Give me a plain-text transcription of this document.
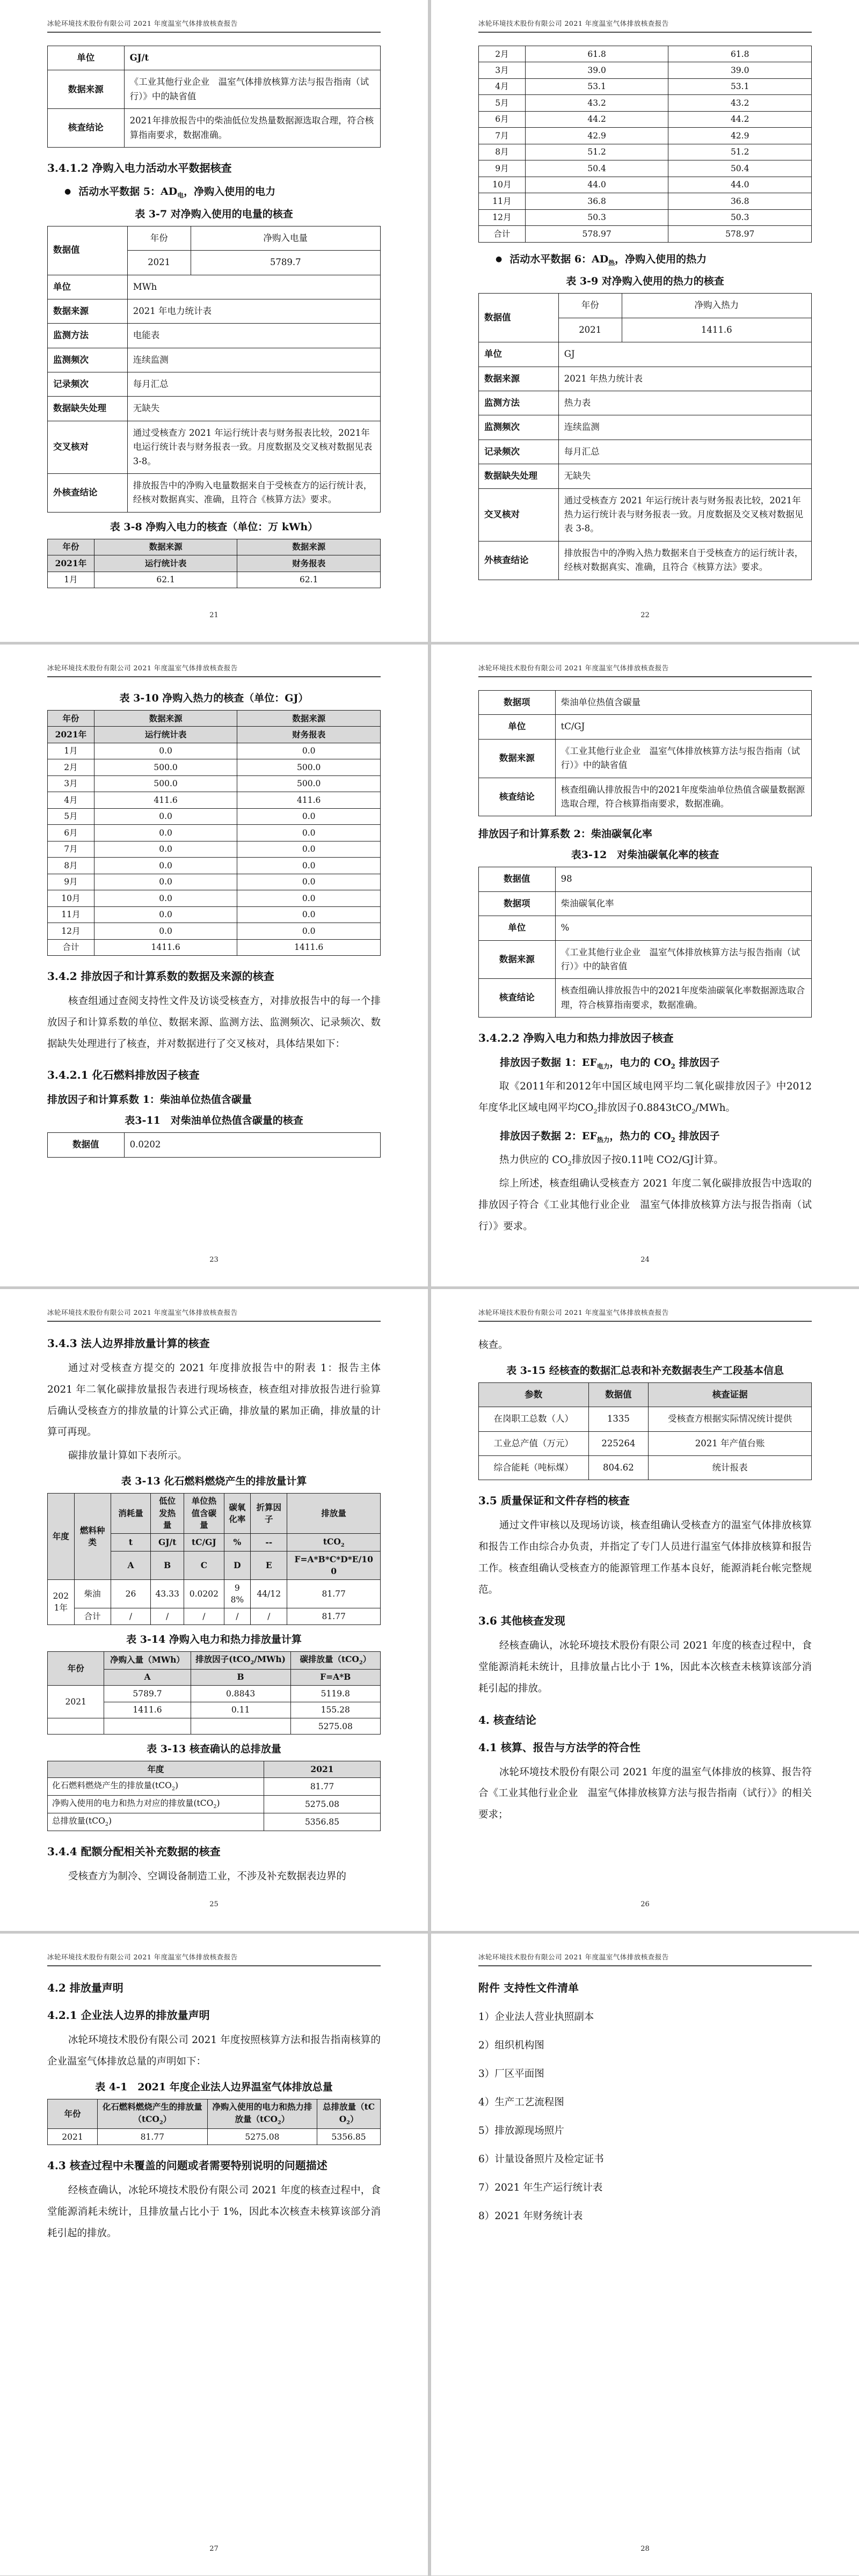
冰轮环境技术股份有限公司 2021 年度温室气体排放核查报告
单位	GJ/t
数据来源	《工业其他行业企业　温室气体排放核算方法与报告指南（试行）》中的缺省值
核查结论	2021年排放报告中的柴油低位发热量数据源选取合理，符合核算指南要求，数据准确。
3.4.1.2 净购入电力活动水平数据核查
● 活动水平数据 5：$AD_电$，净购入使用的电力
表 3-7 对净购入使用的电量的核查
数据值	年份	净购入电量
	2021	5789.7
单位	MWh	
数据来源	2021 年电力统计表	
监测方法	电能表	
监测频次	连续监测	
记录频次	每月汇总	
数据缺失处理	无缺失	
交叉核对	通过受核查方 2021 年运行统计表与财务报表比较，2021年电运行统计表与财务报表一致。月度数据及交叉核对数据见表 3-8。	
外核查结论	排放报告中的净购入电量数据来自于受核查方的运行统计表，经核对数据真实、准确，且符合《核算方法》要求。	
表 3-8 净购入电力的核查（单位：万 kWh）
年份	数据来源	数据来源
2021年	运行统计表	财务报表
1月	62.1	62.1
21
冰轮环境技术股份有限公司 2021 年度温室气体排放核查报告
2月	61.8	61.8
3月	39.0	39.0
4月	53.1	53.1
5月	43.2	43.2
6月	44.2	44.2
7月	42.9	42.9
8月	51.2	51.2
9月	50.4	50.4
10月	44.0	44.0
11月	36.8	36.8
12月	50.3	50.3
合计	578.97	578.97
● 活动水平数据 6：$AD_热$，净购入使用的热力
表 3-9 对净购入使用的热力的核查
数据值	年份	净购入热力
	2021	1411.6
单位	GJ	
数据来源	2021 年热力统计表	
监测方法	热力表	
监测频次	连续监测	
记录频次	每月汇总	
数据缺失处理	无缺失	
交叉核对	通过受核查方 2021 年运行统计表与财务报表比较，2021年热力运行统计表与财务报表一致。月度数据及交叉核对数据见表 3-8。	
外核查结论	排放报告中的净购入热力数据来自于受核查方的运行统计表，经核对数据真实、准确，且符合《核算方法》要求。	
22
冰轮环境技术股份有限公司 2021 年度温室气体排放核查报告
表 3-10 净购入热力的核查（单位：GJ）
年份	数据来源	数据来源
2021年	运行统计表	财务报表
1月	0.0	0.0
2月	500.0	500.0
3月	500.0	500.0
4月	411.6	411.6
5月	0.0	0.0
6月	0.0	0.0
7月	0.0	0.0
8月	0.0	0.0
9月	0.0	0.0
10月	0.0	0.0
11月	0.0	0.0
12月	0.0	0.0
合计	1411.6	1411.6
3.4.2 排放因子和计算系数的数据及来源的核查
核查组通过查阅支持性文件及访谈受核查方，对排放报告中的每一个排放因子和计算系数的单位、数据来源、监测方法、监测频次、记录频次、数据缺失处理进行了核查，并对数据进行了交叉核对，具体结果如下：
3.4.2.1 化石燃料排放因子核查
排放因子和计算系数 1：柴油单位热值含碳量
表3-11　对柴油单位热值含碳量的核查
数据值	0.0202
23
冰轮环境技术股份有限公司 2021 年度温室气体排放核查报告
数据项	柴油单位热值含碳量
单位	tC/GJ
数据来源	《工业其他行业企业　温室气体排放核算方法与报告指南（试行）》中的缺省值
核查结论	核查组确认排放报告中的2021年度柴油单位热值含碳量数据源选取合理，符合核算指南要求，数据准确。
排放因子和计算系数 2：柴油碳氧化率
表3-12　对柴油碳氧化率的核查
数据值	98
数据项	柴油碳氧化率
单位	%
数据来源	《工业其他行业企业　温室气体排放核算方法与报告指南（试行）》中的缺省值
核查结论	核查组确认排放报告中的2021年度柴油碳氧化率数据源选取合理，符合核算指南要求，数据准确。
3.4.2.2 净购入电力和热力排放因子核查
排放因子数据 1：$EF_{电力}$，电力的 $CO_2$ 排放因子
取《2011年和2012年中国区域电网平均二氧化碳排放因子》中2012年度华北区域电网平均$CO_2$排放因子0.8843tCO$_2$/MWh。
排放因子数据 2：$EF_{热力}$，热力的 $CO_2$ 排放因子
热力供应的 $CO_2$排放因子按0.11吨 CO2/GJ计算。
综上所述，核查组确认受核查方 2021 年度二氧化碳排放报告中选取的排放因子符合《工业其他行业企业　温室气体排放核算方法与报告指南（试行）》要求。
24
冰轮环境技术股份有限公司 2021 年度温室气体排放核查报告
3.4.3 法人边界排放量计算的核查
通过对受核查方提交的 2021 年度排放报告中的附表 1：报告主体 2021 年二氧化碳排放量报告表进行现场核查，核查组对排放报告进行验算后确认受核查方的排放量的计算公式正确，排放量的累加正确，排放量的计算可再现。
碳排放量计算如下表所示。
表 3-13 化石燃料燃烧产生的排放量计算
年度	燃料种类	消耗量	低位发热量	单位热值含碳量	碳氧化率	折算因子	排放量
		t	GJ/t	tC/GJ	%	--	tCO$_2$
		A	B	C	D	E	F=A*B*C*D*E/100
2021年	柴油	26	43.33	0.0202	98%	44/12	81.77
	合计	/	/	/	/	/	81.77
表 3-14 净购入电力和热力排放量计算
年份	净购入量（MWh）	排放因子(tCO$_2$/MWh)	碳排放量（tCO$_2$）
	A	B	F=A*B
2021	5789.7	0.8843	5119.8
	1411.6	0.11	155.28
			5275.08
表 3-13 核查确认的总排放量
年度	2021
化石燃料燃烧产生的排放量(tCO$_2$)	81.77
净购入使用的电力和热力对应的排放量(tCO$_2$)	5275.08
总排放量(tCO$_2$)	5356.85
3.4.4 配额分配相关补充数据的核查
受核查方为制冷、空调设备制造工业，不涉及补充数据表边界的
25
冰轮环境技术股份有限公司 2021 年度温室气体排放核查报告
核查。
表 3-15 经核查的数据汇总表和补充数据表生产工段基本信息
参数	数据值	核查证据
在岗职工总数（人）	1335	受核查方根据实际情况统计提供
工业总产值（万元）	225264	2021 年产值台账
综合能耗（吨标煤）	804.62	统计报表
3.5 质量保证和文件存档的核查
通过文件审核以及现场访谈，核查组确认受核查方的温室气体排放核算和报告工作由综合办负责，并指定了专门人员进行温室气体排放核算和报告工作。核查组确认受核查方的能源管理工作基本良好，能源消耗台帐完整规范。
3.6 其他核查发现
经核查确认，冰轮环境技术股份有限公司 2021 年度的核查过程中，食堂能源消耗未统计，且排放量占比小于 1%，因此本次核查未核算该部分消耗引起的排放。
4. 核查结论
4.1 核算、报告与方法学的符合性
冰轮环境技术股份有限公司 2021 年度的温室气体排放的核算、报告符合《工业其他行业企业　温室气体排放核算方法与报告指南（试行）》的相关要求；
26
冰轮环境技术股份有限公司 2021 年度温室气体排放核查报告
4.2 排放量声明
4.2.1 企业法人边界的排放量声明
冰轮环境技术股份有限公司 2021 年度按照核算方法和报告指南核算的企业温室气体排放总量的声明如下：
表 4-1　2021 年度企业法人边界温室气体排放总量
年份	化石燃料燃烧产生的排放量（tCO$_2$）	净购入使用的电力和热力排放量（tCO$_2$）	总排放量（tCO$_2$）
2021	81.77	5275.08	5356.85
4.3 核查过程中未覆盖的问题或者需要特别说明的问题描述
经核查确认，冰轮环境技术股份有限公司 2021 年度的核查过程中，食堂能源消耗未统计，且排放量占比小于 1%，因此本次核查未核算该部分消耗引起的排放。
27
冰轮环境技术股份有限公司 2021 年度温室气体排放核查报告
附件 支持性文件清单
1）企业法人营业执照副本
2）组织机构图
3）厂区平面图
4）生产工艺流程图
5）排放源现场照片
6）计量设备照片及检定证书
7）2021 年生产运行统计表
8）2021 年财务统计表
28
